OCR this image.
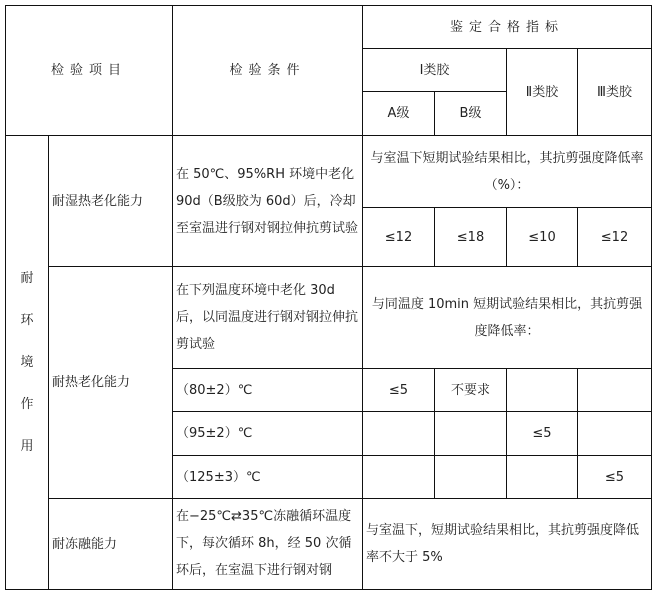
检验项目		检验条件	鉴定合格指标			
			Ⅰ类胶		Ⅱ类胶	Ⅲ类胶
			A级	B级		

耐
环
境
作
用	耐湿热老化能力	在 50℃、95%RH 环境中老化 90d（B级胶为 60d）后，冷却至室温进行钢对钢拉伸抗剪试验	与室温下短期试验结果相比，其抗剪强度降低率（%）：			
			≤12	≤18	≤10	≤12
	耐热老化能力	在下列温度环境中老化 30d 后，以同温度进行钢对钢拉伸抗剪试验	与同温度 10min 短期试验结果相比，其抗剪强度降低率：			
		（80±2）℃	≤5	不要求		
		（95±2）℃			≤5	
		（125±3）℃				≤5
	耐冻融能力	在−25℃⇄35℃冻融循环温度下，每次循环 8h，经 50 次循环后，在室温下进行钢对钢	与室温下，短期试验结果相比，其抗剪强度降低率不大于 5%			
